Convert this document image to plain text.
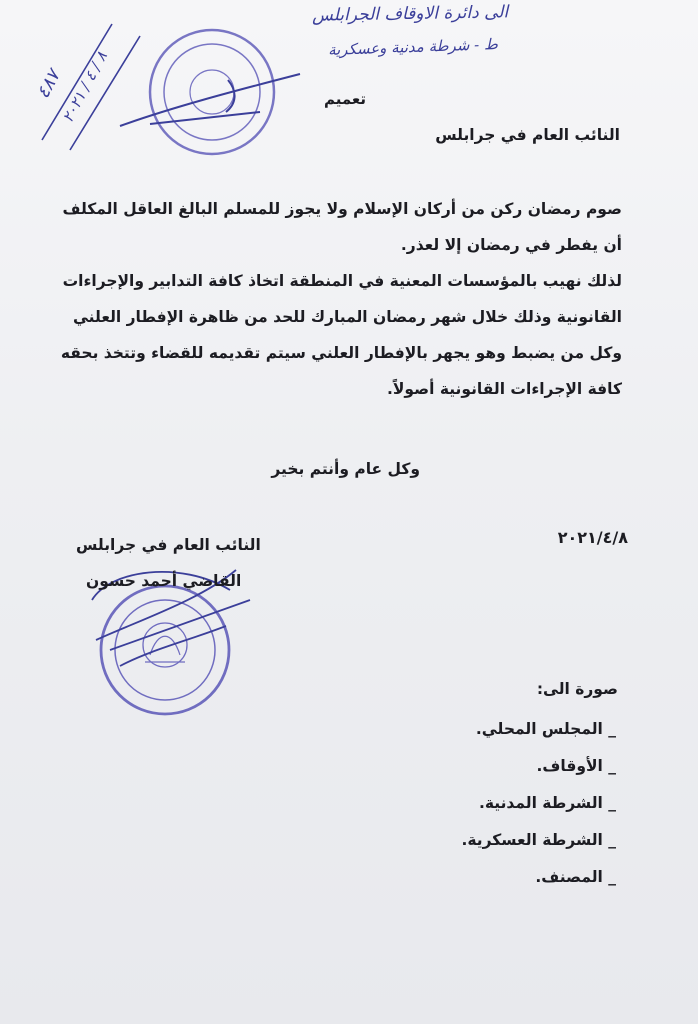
الى دائرة الاوقاف الجرابلس
ط - شرطة مدنية وعسكرية
٤٨٧
٨ / ٤ / ٢٠٢١
تعميم
النائب العام في جرابلس
صوم رمضان ركن من أركان الإسلام ولا يجوز للمسلم البالغ العاقل المكلف
أن يفطر في رمضان إلا لعذر.
لذلك نهيب بالمؤسسات المعنية في المنطقة اتخاذ كافة التدابير والإجراءات
القانونية وذلك خلال شهر رمضان المبارك للحد من ظاهرة الإفطار العلني
وكل من يضبط وهو يجهر بالإفطار العلني سيتم تقديمه للقضاء وتتخذ بحقه
كافة الإجراءات القانونية أصولاً.
وكل عام وأنتم بخير
٢٠٢١/٤/٨
النائب العام في جرابلس
القاضي أحمد حسون
صورة الى:
_ المجلس المحلي.
_ الأوقاف.
_ الشرطة المدنية.
_ الشرطة العسكرية.
_ المصنف.
